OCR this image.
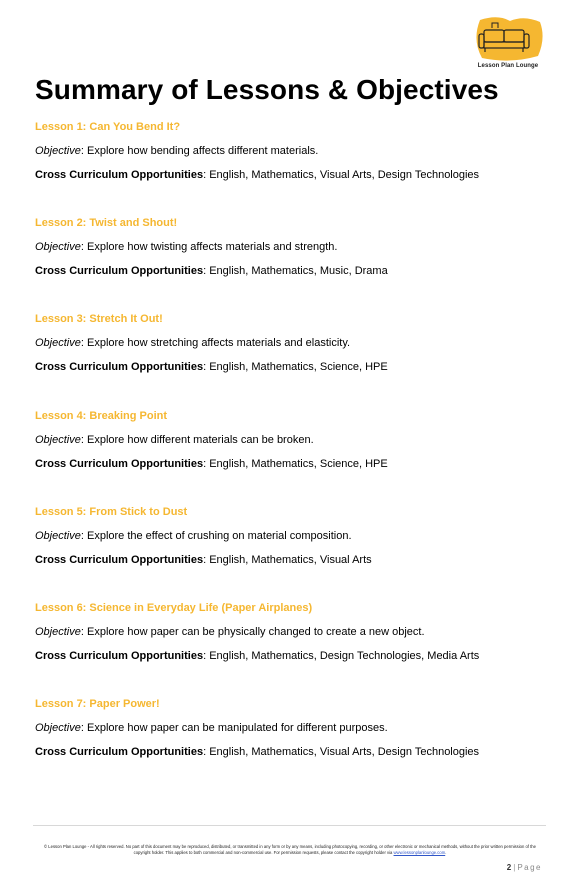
Lesson Plan Lounge
Summary of Lessons & Objectives
Lesson 1: Can You Bend It?
Objective: Explore how bending affects different materials.
Cross Curriculum Opportunities: English, Mathematics, Visual Arts, Design Technologies
Lesson 2: Twist and Shout!
Objective: Explore how twisting affects materials and strength.
Cross Curriculum Opportunities: English, Mathematics, Music, Drama
Lesson 3: Stretch It Out!
Objective: Explore how stretching affects materials and elasticity.
Cross Curriculum Opportunities: English, Mathematics, Science, HPE
Lesson 4: Breaking Point
Objective: Explore how different materials can be broken.
Cross Curriculum Opportunities: English, Mathematics, Science, HPE
Lesson 5: From Stick to Dust
Objective: Explore the effect of crushing on material composition.
Cross Curriculum Opportunities: English, Mathematics, Visual Arts
Lesson 6: Science in Everyday Life (Paper Airplanes)
Objective: Explore how paper can be physically changed to create a new object.
Cross Curriculum Opportunities: English, Mathematics, Design Technologies, Media Arts
Lesson 7: Paper Power!
Objective: Explore how paper can be manipulated for different purposes.
Cross Curriculum Opportunities: English, Mathematics, Visual Arts, Design Technologies
© Lesson Plan Lounge - All rights reserved. No part of this document may be reproduced, distributed, or transmitted in any form or by any means, including photocopying, recording, or other electronic or mechanical methods, without the prior written permission of the copyright holder. This applies to both commercial and non-commercial use. For permission requests, please contact the copyright holder via www.lessonplanlounge.com.
2 | Page
